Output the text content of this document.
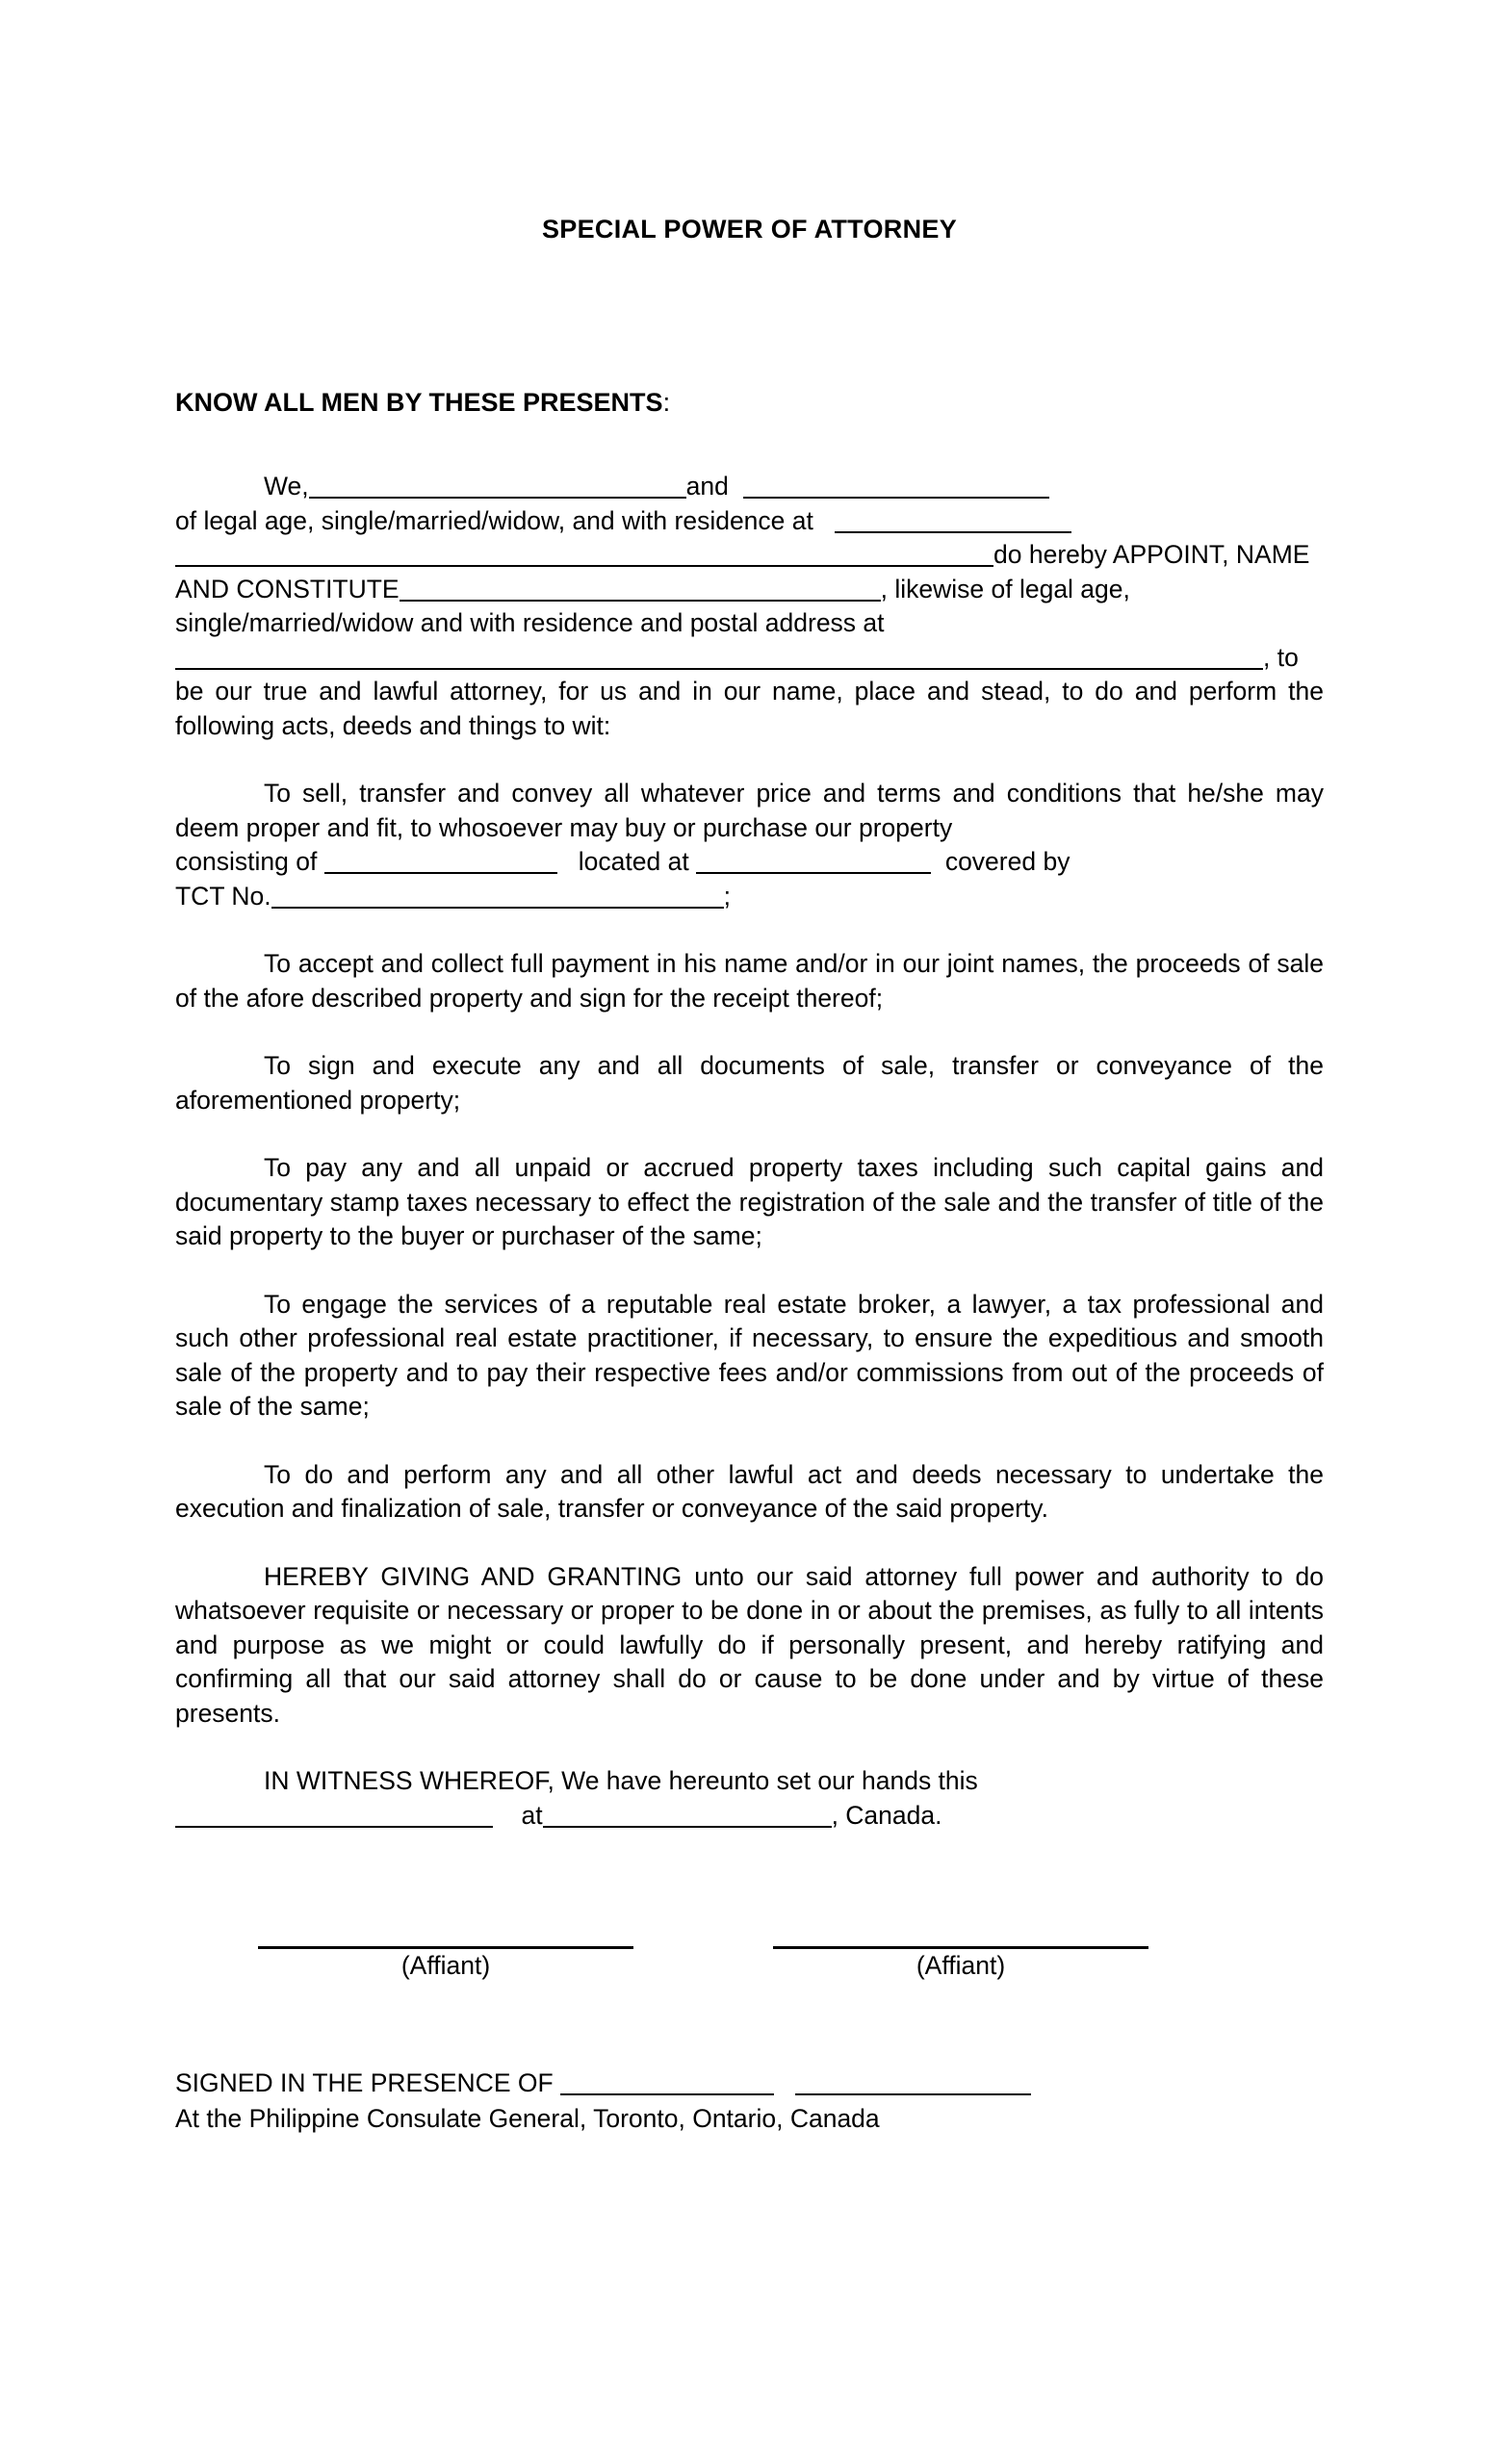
SPECIAL POWER OF ATTORNEY
KNOW ALL MEN BY THESE PRESENTS:
We,	and
of legal age, single/married/widow, and with residence at
do hereby APPOINT, NAME
AND CONSTITUTE	, likewise of legal age,
single/married/widow and with residence and postal address at
, to

be our true and lawful attorney, for us and in our name, place and stead, to do and perform the following acts, deeds and things to wit:

To sell, transfer and convey all whatever price and terms and conditions that he/she may deem proper and fit, to whosoever may buy or purchase our property

consisting of	located at	covered by
TCT No.	;

To accept and collect full payment in his name and/or in our joint names, the proceeds of sale of the afore described property and sign for the receipt thereof;

To sign and execute any and all documents of sale, transfer or conveyance of the aforementioned property;

To pay any and all unpaid or accrued property taxes including such capital gains and documentary stamp taxes necessary to effect the registration of the sale and the transfer of title of the said property to the buyer or purchaser of the same;

To engage the services of a reputable real estate broker, a lawyer, a tax professional and such other professional real estate practitioner, if necessary, to ensure the expeditious and smooth sale of the property and to pay their respective fees and/or commissions from out of the proceeds of sale of the same;

To do and perform any and all other lawful act and deeds necessary to undertake the execution and finalization of sale, transfer or conveyance of the said property.

HEREBY GIVING AND GRANTING unto our said attorney full power and authority to do whatsoever requisite or necessary or proper to be done in or about the premises, as fully to all intents and purpose as we might or could lawfully do if personally present, and hereby ratifying and confirming all that our said attorney shall do or cause to be done under and by virtue of these presents.

IN WITNESS WHEREOF, We have hereunto set our hands this
at	, Canada.
(Affiant)	(Affiant)
SIGNED IN THE PRESENCE OF
At the Philippine Consulate General, Toronto, Ontario, Canada
